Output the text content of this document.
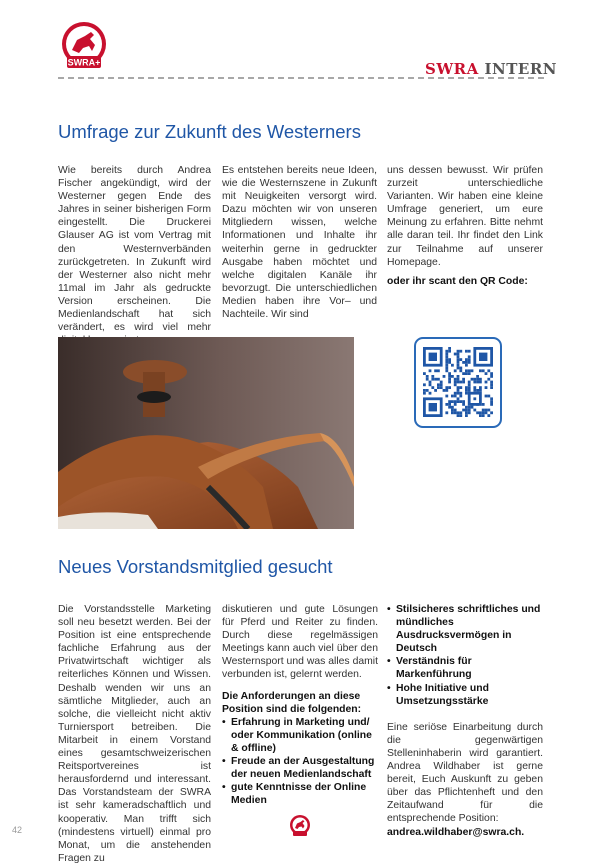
SWRA+	SWRA INTERN
Umfrage zur Zukunft des Westerners

Wie bereits durch Andrea Fischer angekündigt, wird der Westerner gegen Ende des Jahres in seiner bisherigen Form eingestellt. Die Druckerei Glauser AG ist vom Vertrag mit den Westernverbänden zurückgetreten. In Zukunft wird der Westerner also nicht mehr 11mal im Jahr als gedruckte Version erscheinen. Die Medienlandschaft hat sich verändert, es wird viel mehr

Es entstehen bereits neue Ideen, wie die Westernszene in Zukunft mit Neuigkeiten versorgt wird. Dazu möchten wir von unseren Mitgliedern wissen, welche Informationen und Inhalte ihr weiterhin gerne in gedruckter Ausgabe haben möchtet und welche digitalen Kanäle ihr bevorzugt. Die unterschiedlichen Medien haben ihre Vor– und Nachteile. Wir sind

uns dessen bewusst. Wir prüfen zurzeit unterschiedliche Varianten. Wir haben eine kleine Umfrage generiert, um eure Meinung zu erfahren. Bitte nehmt alle daran teil. Ihr findet den Link zur Teilnahme auf unserer Homepage.

oder ihr scant den QR Code:

Neues Vorstandsmitglied gesucht

Die Vorstandsstelle Marketing soll neu besetzt werden. Bei der Position ist eine entsprechende fachliche Erfahrung aus der Privatwirtschaft wichtiger als reiterliches Können und Wissen. Deshalb wenden wir uns an sämtliche Mitglieder, auch an solche, die vielleicht nicht aktiv Turniersport betreiben. Die Mitarbeit in einem Vorstand eines gesamtschweizerischen Reitsportvereines ist herausfordernd und interessant. Das Vorstandsteam der SWRA ist sehr kameradschaftlich und kooperativ. Man trifft sich (mindestens virtuell) einmal pro Monat, um die anstehenden Fragen zu

diskutieren und gute Lösungen für Pferd und Reiter zu finden. Durch diese regelmässigen Meetings kann auch viel über den Westernsport und was alles damit verbunden ist, gelernt werden.

Die Anforderungen an diese Position sind die folgenden:

• Erfahrung in Marketing und/ oder Kommunikation (online & offline)
• Freude an der Ausgestaltung der neuen Medienlandschaft
• gute Kenntnisse der Online Medien
• Stilsicheres schriftliches und mündliches Ausdrucksvermögen in Deutsch
• Verständnis für Markenführung
• Hohe Initiative und Umsetzungsstärke

Eine seriöse Einarbeitung durch die gegenwärtigen Stelleninhaberin wird garantiert. Andrea Wildhaber ist gerne bereit, Euch Auskunft zu geben über das Pflichtenheft und den Zeitaufwand für die entsprechende Position:

andrea.wildhaber@swra.ch.

42
